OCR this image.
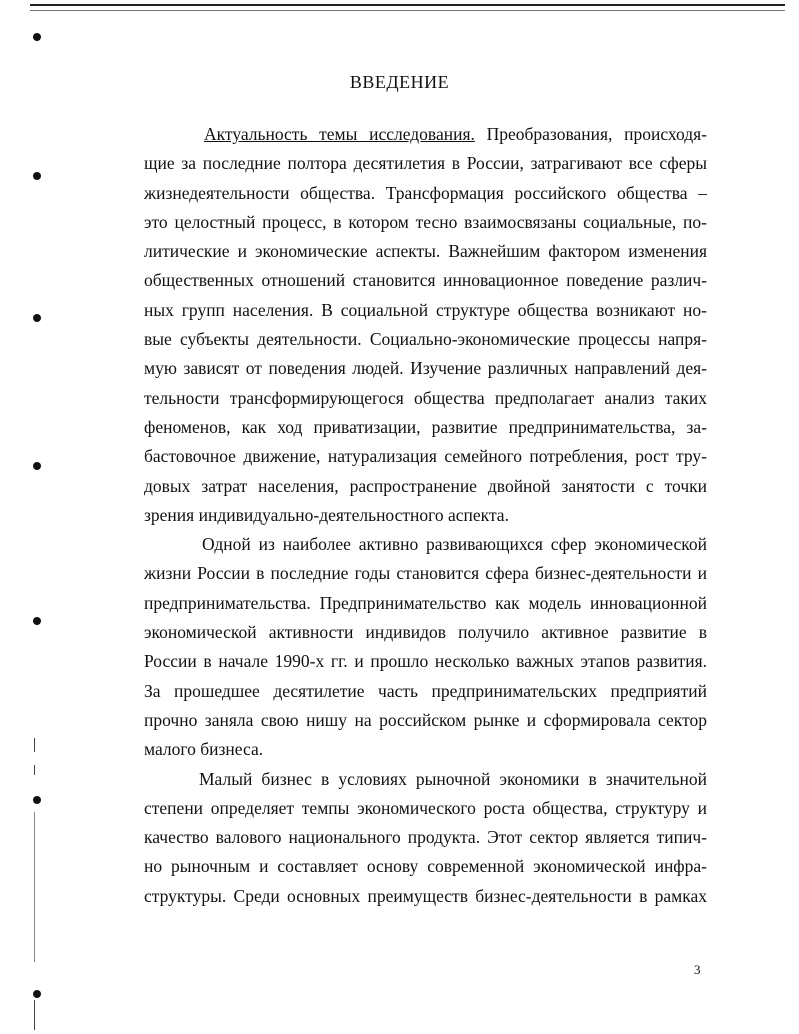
ВВЕДЕНИЕ
Актуальность темы исследования. Преобразования, происходя-
щие за последние полтора десятилетия в России, затрагивают все сферы
жизнедеятельности общества. Трансформация российского общества –
это целостный процесс, в котором тесно взаимосвязаны социальные, по-
литические и экономические аспекты. Важнейшим фактором изменения
общественных отношений становится инновационное поведение различ-
ных групп населения. В социальной структуре общества возникают но-
вые субъекты деятельности. Социально-экономические процессы напря-
мую зависят от поведения людей. Изучение различных направлений дея-
тельности трансформирующегося общества предполагает анализ таких
феноменов, как ход приватизации, развитие предпринимательства, за-
бастовочное движение, натурализация семейного потребления, рост тру-
довых затрат населения, распространение двойной занятости с точки
зрения индивидуально-деятельностного аспекта.
Одной из наиболее активно развивающихся сфер экономической
жизни России в последние годы становится сфера бизнес-деятельности и
предпринимательства. Предпринимательство как модель инновационной
экономической активности индивидов получило активное развитие в
России в начале 1990-х гг. и прошло несколько важных этапов развития.
За прошедшее десятилетие часть предпринимательских предприятий
прочно заняла свою нишу на российском рынке и сформировала сектор
малого бизнеса.
Малый бизнес в условиях рыночной экономики в значительной
степени определяет темпы экономического роста общества, структуру и
качество валового национального продукта. Этот сектор является типич-
но рыночным и составляет основу современной экономической инфра-
структуры. Среди основных преимуществ бизнес-деятельности в рамках
3
